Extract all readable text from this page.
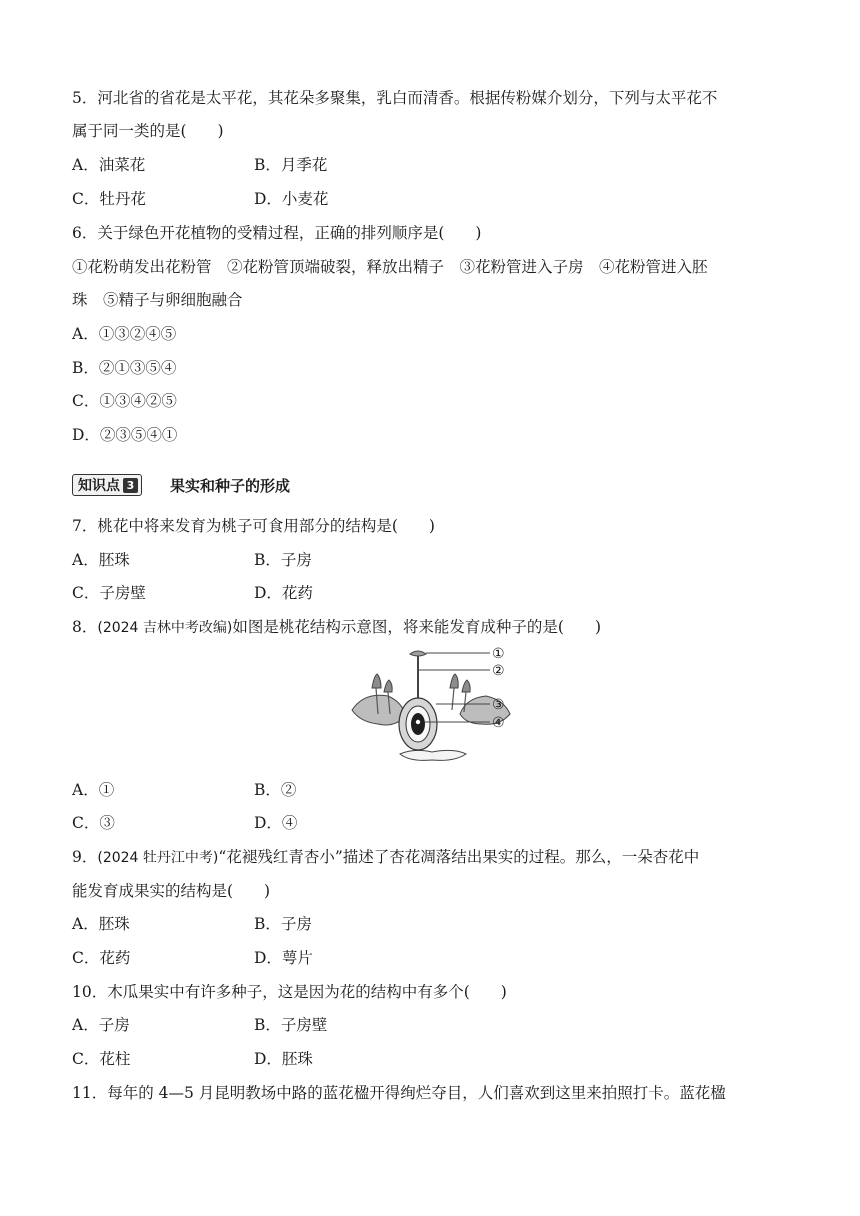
5．河北省的省花是太平花，其花朵多聚集，乳白而清香。根据传粉媒介划分，下列与太平花不
属于同一类的是(　　)
A．油菜花	B．月季花
C．牡丹花	D．小麦花
6．关于绿色开花植物的受精过程，正确的排列顺序是(　　)
①花粉萌发出花粉管　②花粉管顶端破裂，释放出精子　③花粉管进入子房　④花粉管进入胚
珠　⑤精子与卵细胞融合
A．①③②④⑤
B．②①③⑤④
C．①③④②⑤
D．②③⑤④①
知识点 3 果实和种子的形成
7．桃花中将来发育为桃子可食用部分的结构是(　　)
A．胚珠	B．子房
C．子房壁	D．花药
8．(2024 吉林中考改编)如图是桃花结构示意图，将来能发育成种子的是(　　)
①
②
③
④
A．①	B．②
C．③	D．④
9．(2024 牡丹江中考)“花褪残红青杏小”描述了杏花凋落结出果实的过程。那么，一朵杏花中
能发育成果实的结构是(　　)
A．胚珠	B．子房
C．花药	D．萼片
10．木瓜果实中有许多种子，这是因为花的结构中有多个(　　)
A．子房	B．子房壁
C．花柱	D．胚珠
11．每年的 4—5 月昆明教场中路的蓝花楹开得绚烂夺目，人们喜欢到这里来拍照打卡。蓝花楹
